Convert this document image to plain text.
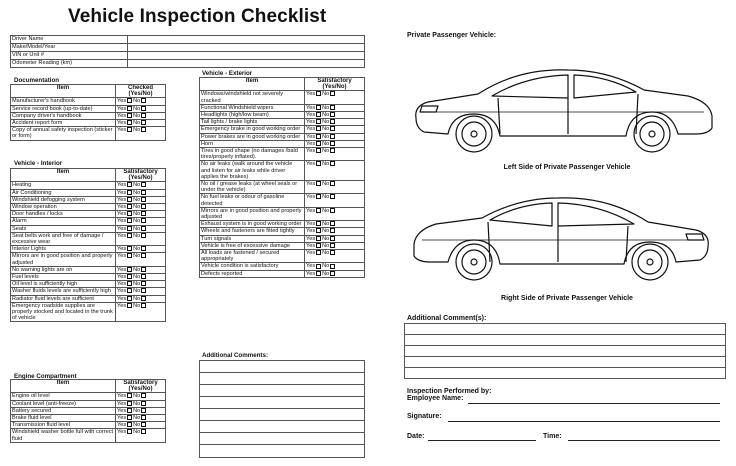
Vehicle Inspection Checklist
Driver Name	
Make/Model/Year	
VIN or Unit #	
Odometer Reading (km)	
Documentation
Item	Checked (Yes/No)
Manufacturer's handbook	Yes No
Service record book (up-to-date)	Yes No
Company driver's handbook	Yes No
Accident report form	Yes No
Copy of annual safety inspection (sticker or form)	Yes No
Vehicle - Interior
Item	Satisfactory (Yes/No)
Heating	Yes No
Air Conditioning	Yes No
Windshield defogging system	Yes No
Window operation	Yes No
Door handles / locks	Yes No
Alarm	Yes No
Seats	Yes No
Seat belts work and free of damage / excessive wear	Yes No
Interior Lights	Yes No
Mirrors are in good position and properly adjusted	Yes No
No warning lights are on	Yes No
Fuel levels	Yes No
Oil level is sufficiently high	Yes No
Washer fluids levels are sufficiently high	Yes No
Radiator fluid levels are sufficient	Yes No
Emergency roadside supplies are properly stocked and located in the trunk of vehicle	Yes No
Engine Compartment
Item	Satisfactory (Yes/No)
Engine oil level	Yes No
Coolant level (anti-freeze)	Yes No
Battery secured	Yes No
Brake fluid level	Yes No
Transmission fluid level	Yes No
Windshield washer bottle full with correct fluid	Yes No
Vehicle - Exterior
Item	Satisfactory (Yes/No)
Windows/windshield not severely cracked	Yes No
Functional Windshield wipers	Yes No
Headlights (high/low beam)	Yes No
Tail lights / brake lights	Yes No
Emergency brake in good working order	Yes No
Power brakes are in good working order	Yes No
Horn	Yes No
Tires in good shape (no damages /bald tires/properly inflated).	Yes No
No air leaks (walk around the vehicle and listen for air leaks while driver applies the brakes)	Yes No
No oil / grease leaks (at wheel seals or under the vehicle)	Yes No
No fuel leaks or odour of gasoline detected	Yes No
Mirrors are in good position and properly adjusted	Yes No
Exhaust system is in good working order	Yes No
Wheels and fasteners are fitted tightly	Yes No
Turn signals	Yes No
Vehicle is free of excessive damage	Yes No
All loads are fastened / secured appropriately	Yes No
Vehicle condition is satisfactory	Yes No
Defects reported	Yes No
Additional Comments:
Private Passenger Vehicle:
Left Side of Private Passenger Vehicle
Right Side of Private Passenger Vehicle
Additional Comment(s):
Inspection Performed by:
Employee Name:
Signature:
Date:	Time:
